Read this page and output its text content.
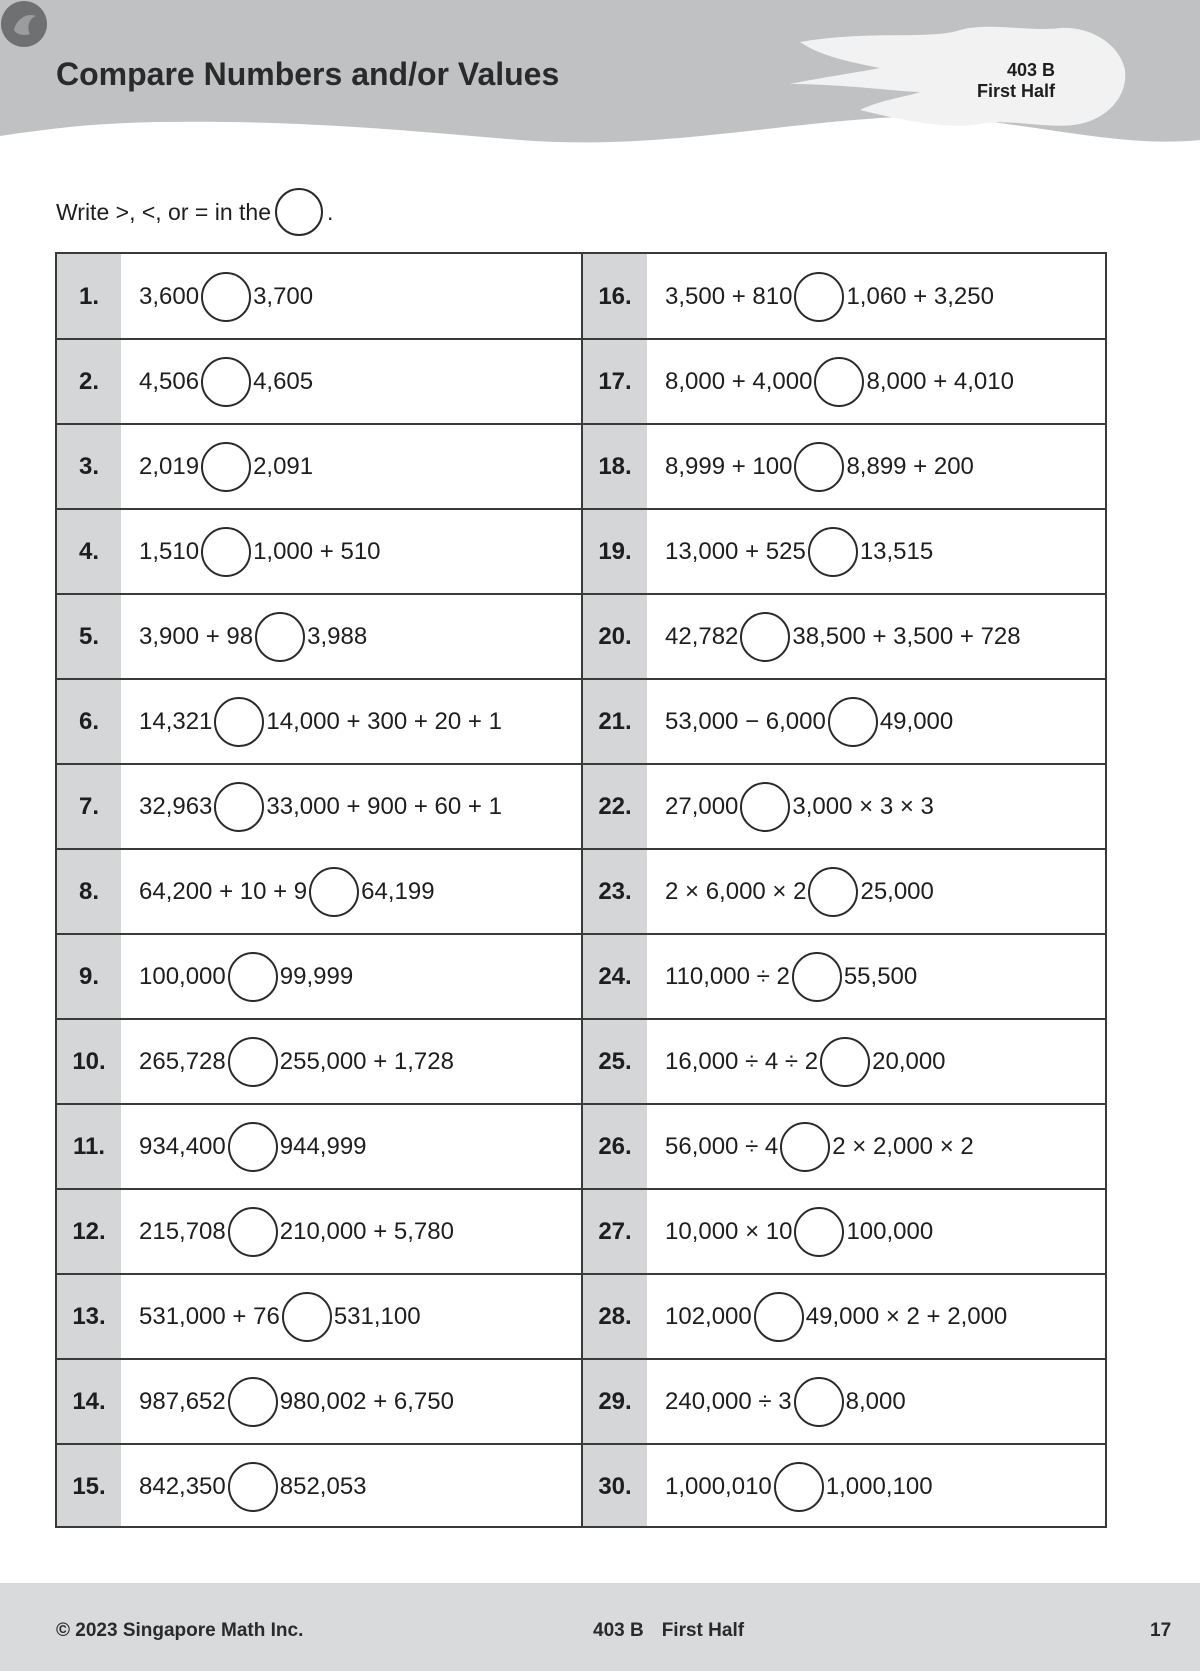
Compare Numbers and/or Values	403 B
First Half
Write >, <, or = in the .
1.	3,600 3,700	16.	3,500 + 810 1,060 + 3,250
2.	4,506 4,605	17.	8,000 + 4,000 8,000 + 4,010
3.	2,019 2,091	18.	8,999 + 100 8,899 + 200
4.	1,510 1,000 + 510	19.	13,000 + 525 13,515
5.	3,900 + 98 3,988	20.	42,782 38,500 + 3,500 + 728
6.	14,321 14,000 + 300 + 20 + 1	21.	53,000 − 6,000 49,000
7.	32,963 33,000 + 900 + 60 + 1	22.	27,000 3,000 × 3 × 3
8.	64,200 + 10 + 9 64,199	23.	2 × 6,000 × 2 25,000
9.	100,000 99,999	24.	110,000 ÷ 2 55,500
10.	265,728 255,000 + 1,728	25.	16,000 ÷ 4 ÷ 2 20,000
11.	934,400 944,999	26.	56,000 ÷ 4 2 × 2,000 × 2
12.	215,708 210,000 + 5,780	27.	10,000 × 10 100,000
13.	531,000 + 76 531,100	28.	102,000 49,000 × 2 + 2,000
14.	987,652 980,002 + 6,750	29.	240,000 ÷ 3 8,000
15.	842,350 852,053	30.	1,000,010 1,000,100
© 2023 Singapore Math Inc.	403 B First Half	17
